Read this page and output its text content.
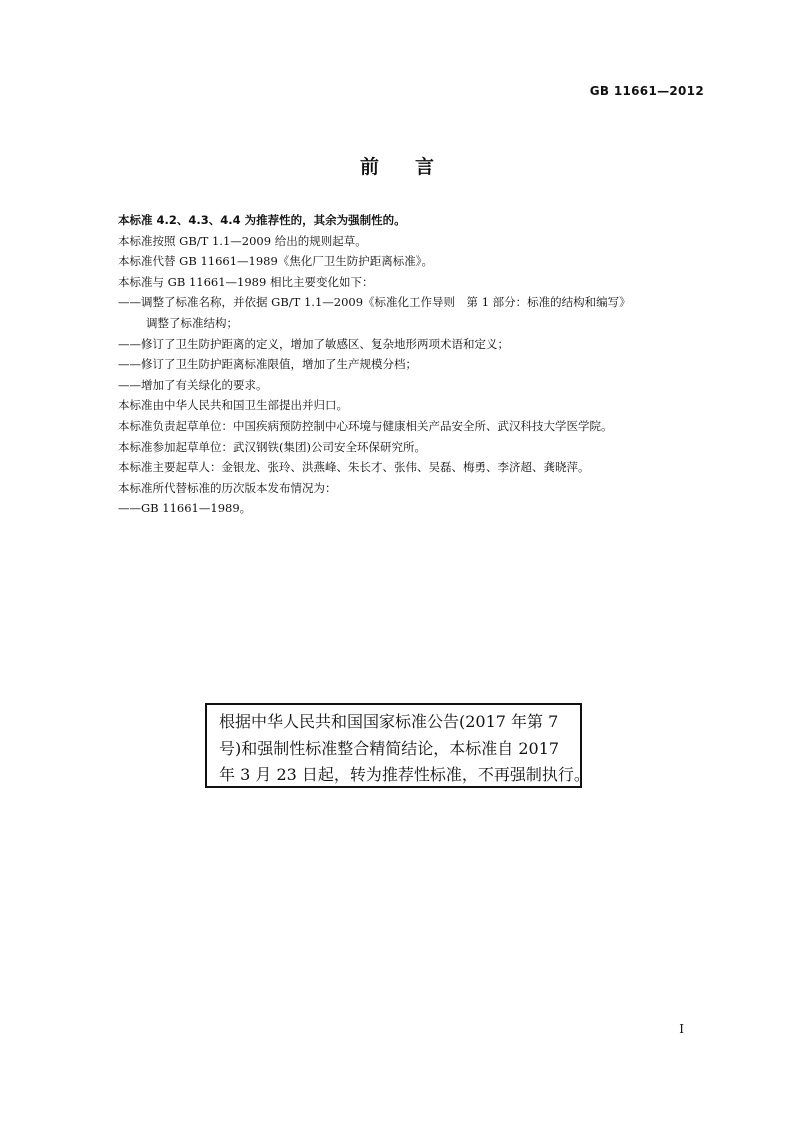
GB 11661—2012
前言
本标准 4.2、4.3、4.4 为推荐性的，其余为强制性的。
本标准按照 GB/T 1.1—2009 给出的规则起草。
本标准代替 GB 11661—1989《焦化厂卫生防护距离标准》。
本标准与 GB 11661—1989 相比主要变化如下：
——调整了标准名称，并依据 GB/T 1.1—2009《标准化工作导则　第 1 部分：标准的结构和编写》
调整了标准结构；
——修订了卫生防护距离的定义，增加了敏感区、复杂地形两项术语和定义；
——修订了卫生防护距离标准限值，增加了生产规模分档；
——增加了有关绿化的要求。
本标准由中华人民共和国卫生部提出并归口。
本标准负责起草单位：中国疾病预防控制中心环境与健康相关产品安全所、武汉科技大学医学院。
本标准参加起草单位：武汉钢铁(集团)公司安全环保研究所。
本标准主要起草人：金银龙、张玲、洪燕峰、朱长才、张伟、吴磊、梅勇、李济超、龚晓萍。
本标准所代替标准的历次版本发布情况为：
——GB 11661—1989。
根据中华人民共和国国家标准公告(2017 年第 7
号)和强制性标准整合精简结论，本标准自 2017
年 3 月 23 日起，转为推荐性标准，不再强制执行。
I
